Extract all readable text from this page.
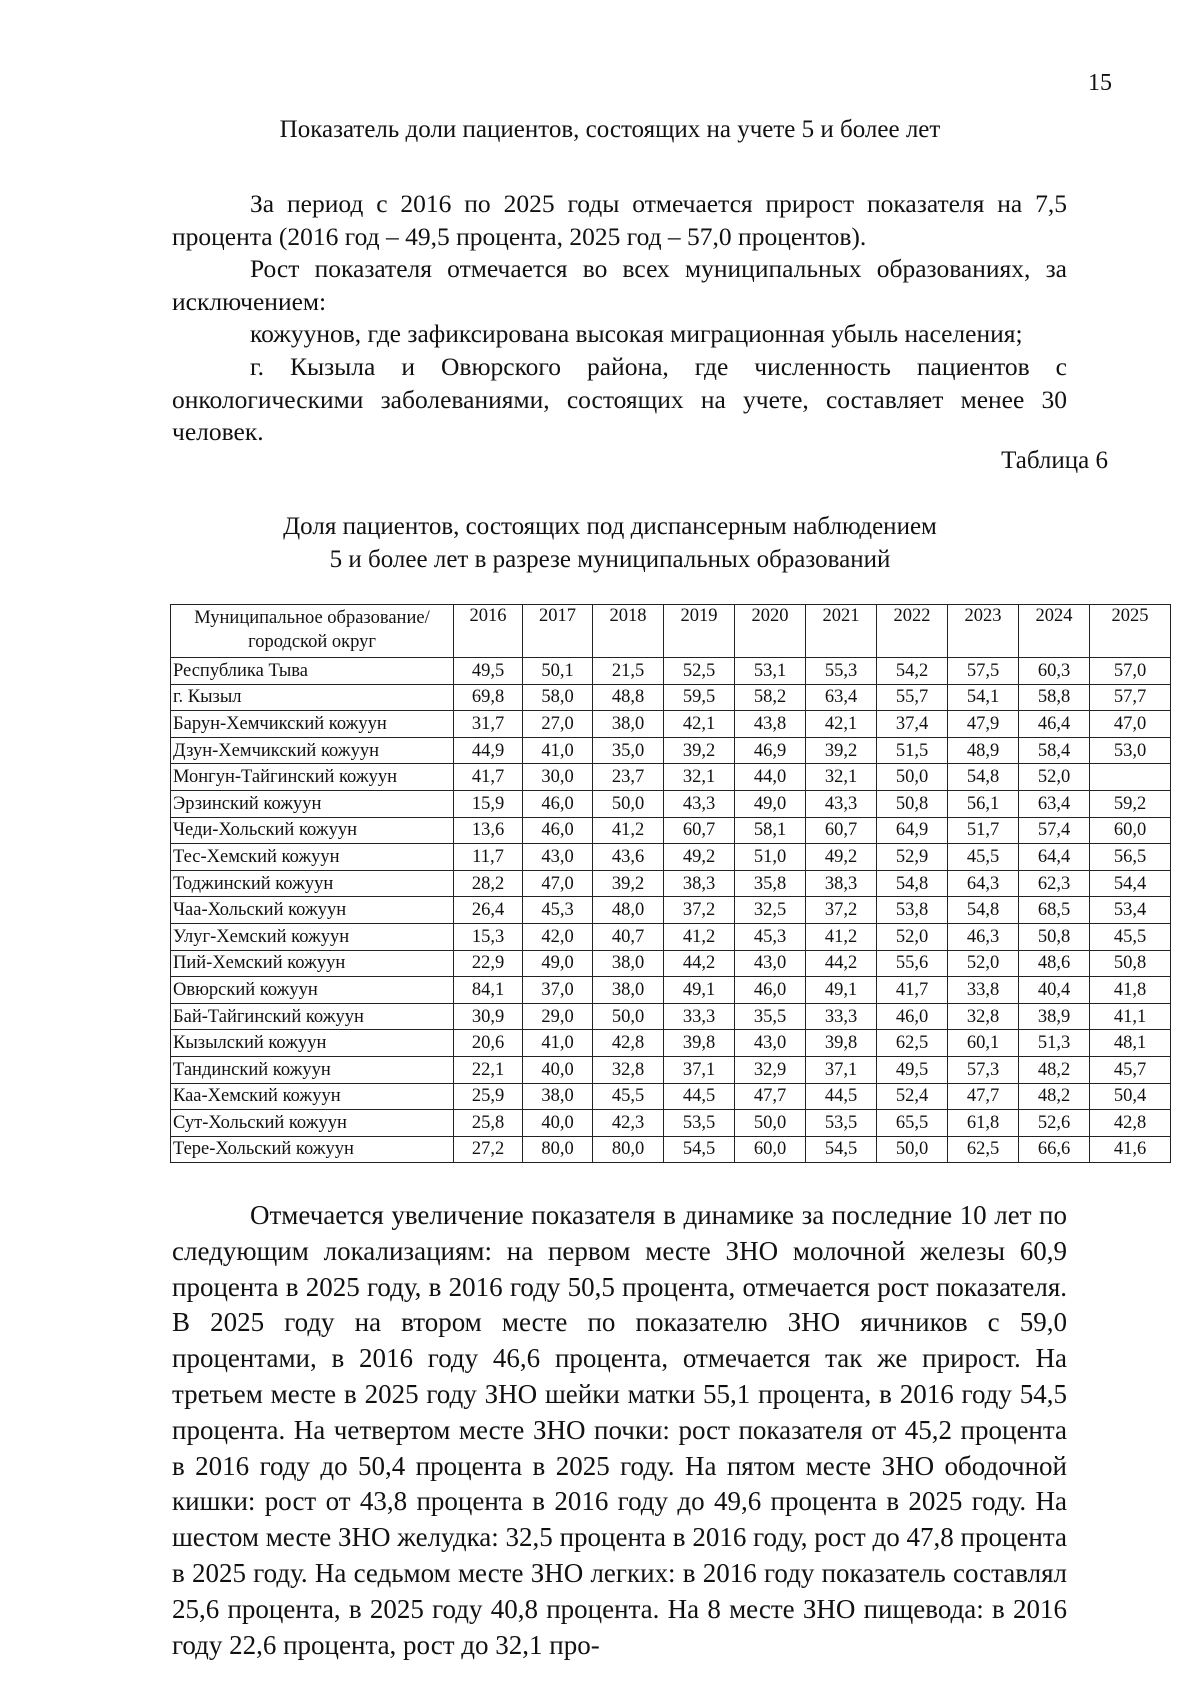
15
Показатель доли пациентов, состоящих на учете 5 и более лет
За период с 2016 по 2025 годы отмечается прирост показателя на 7,5 процента (2016 год – 49,5 процента, 2025 год – 57,0 процентов).
Рост показателя отмечается во всех муниципальных образованиях, за исключением:
кожуунов, где зафиксирована высокая миграционная убыль населения;
г. Кызыла и Овюрского района, где численность пациентов с онкологическими заболеваниями, состоящих на учете, составляет менее 30 человек.
Таблица 6
Доля пациентов, состоящих под диспансерным наблюдением
5 и более лет в разрезе муниципальных образований
Муниципальное образование/ городской округ	2016	2017	2018	2019	2020	2021	2022	2023	2024	2025
Республика Тыва	49,5	50,1	21,5	52,5	53,1	55,3	54,2	57,5	60,3	57,0
г. Кызыл	69,8	58,0	48,8	59,5	58,2	63,4	55,7	54,1	58,8	57,7
Барун-Хемчикский кожуун	31,7	27,0	38,0	42,1	43,8	42,1	37,4	47,9	46,4	47,0
Дзун-Хемчикский кожуун	44,9	41,0	35,0	39,2	46,9	39,2	51,5	48,9	58,4	53,0
Монгун-Тайгинский кожуун	41,7	30,0	23,7	32,1	44,0	32,1	50,0	54,8	52,0	
Эрзинский кожуун	15,9	46,0	50,0	43,3	49,0	43,3	50,8	56,1	63,4	59,2
Чеди-Хольский кожуун	13,6	46,0	41,2	60,7	58,1	60,7	64,9	51,7	57,4	60,0
Тес-Хемский кожуун	11,7	43,0	43,6	49,2	51,0	49,2	52,9	45,5	64,4	56,5
Тоджинский кожуун	28,2	47,0	39,2	38,3	35,8	38,3	54,8	64,3	62,3	54,4
Чаа-Хольский кожуун	26,4	45,3	48,0	37,2	32,5	37,2	53,8	54,8	68,5	53,4
Улуг-Хемский кожуун	15,3	42,0	40,7	41,2	45,3	41,2	52,0	46,3	50,8	45,5
Пий-Хемский кожуун	22,9	49,0	38,0	44,2	43,0	44,2	55,6	52,0	48,6	50,8
Овюрский кожуун	84,1	37,0	38,0	49,1	46,0	49,1	41,7	33,8	40,4	41,8
Бай-Тайгинский кожуун	30,9	29,0	50,0	33,3	35,5	33,3	46,0	32,8	38,9	41,1
Кызылский кожуун	20,6	41,0	42,8	39,8	43,0	39,8	62,5	60,1	51,3	48,1
Тандинский кожуун	22,1	40,0	32,8	37,1	32,9	37,1	49,5	57,3	48,2	45,7
Каа-Хемский кожуун	25,9	38,0	45,5	44,5	47,7	44,5	52,4	47,7	48,2	50,4
Сут-Хольский кожуун	25,8	40,0	42,3	53,5	50,0	53,5	65,5	61,8	52,6	42,8
Тере-Хольский кожуун	27,2	80,0	80,0	54,5	60,0	54,5	50,0	62,5	66,6	41,6
Отмечается увеличение показателя в динамике за последние 10 лет по следующим локализациям: на первом месте ЗНО молочной железы 60,9 процента в 2025 году, в 2016 году 50,5 процента, отмечается рост показателя. В 2025 году на втором месте по показателю ЗНО яичников с 59,0 процентами, в 2016 году 46,6 процента, отмечается так же прирост. На третьем месте в 2025 году ЗНО шейки матки 55,1 процента, в 2016 году 54,5 процента. На четвертом месте ЗНО почки: рост показателя от 45,2 процента в 2016 году до 50,4 процента в 2025 году. На пятом месте ЗНО ободочной кишки: рост от 43,8 процента в 2016 году до 49,6 процента в 2025 году. На шестом месте ЗНО желудка: 32,5 процента в 2016 году, рост до 47,8 процента в 2025 году. На седьмом месте ЗНО легких: в 2016 году показатель составлял 25,6 процента, в 2025 году 40,8 процента. На 8 месте ЗНО пищевода: в 2016 году 22,6 процента, рост до 32,1 про-
